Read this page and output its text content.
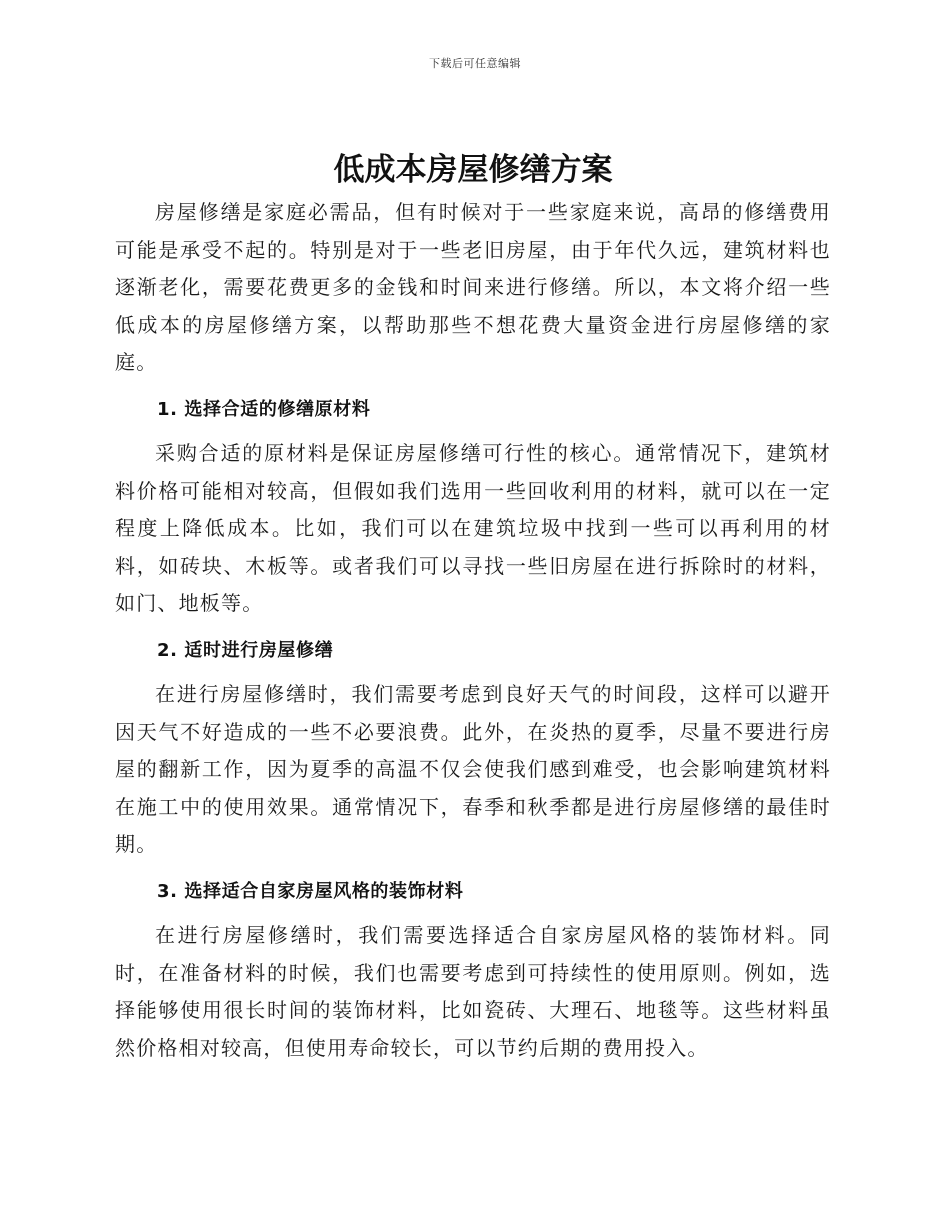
下载后可任意编辑
低成本房屋修缮方案

房屋修缮是家庭必需品，但有时候对于一些家庭来说，高昂的修缮费用可能是承受不起的。特别是对于一些老旧房屋，由于年代久远，建筑材料也逐渐老化，需要花费更多的金钱和时间来进行修缮。所以，本文将介绍一些低成本的房屋修缮方案，以帮助那些不想花费大量资金进行房屋修缮的家庭。

1. 选择合适的修缮原材料

采购合适的原材料是保证房屋修缮可行性的核心。通常情况下，建筑材料价格可能相对较高，但假如我们选用一些回收利用的材料，就可以在一定程度上降低成本。比如，我们可以在建筑垃圾中找到一些可以再利用的材料，如砖块、木板等。或者我们可以寻找一些旧房屋在进行拆除时的材料，如门、地板等。

2. 适时进行房屋修缮

在进行房屋修缮时，我们需要考虑到良好天气的时间段，这样可以避开因天气不好造成的一些不必要浪费。此外，在炎热的夏季，尽量不要进行房屋的翻新工作，因为夏季的高温不仅会使我们感到难受，也会影响建筑材料在施工中的使用效果。通常情况下，春季和秋季都是进行房屋修缮的最佳时期。

3. 选择适合自家房屋风格的装饰材料

在进行房屋修缮时，我们需要选择适合自家房屋风格的装饰材料。同时，在准备材料的时候，我们也需要考虑到可持续性的使用原则。例如，选择能够使用很长时间的装饰材料，比如瓷砖、大理石、地毯等。这些材料虽然价格相对较高，但使用寿命较长，可以节约后期的费用投入。
